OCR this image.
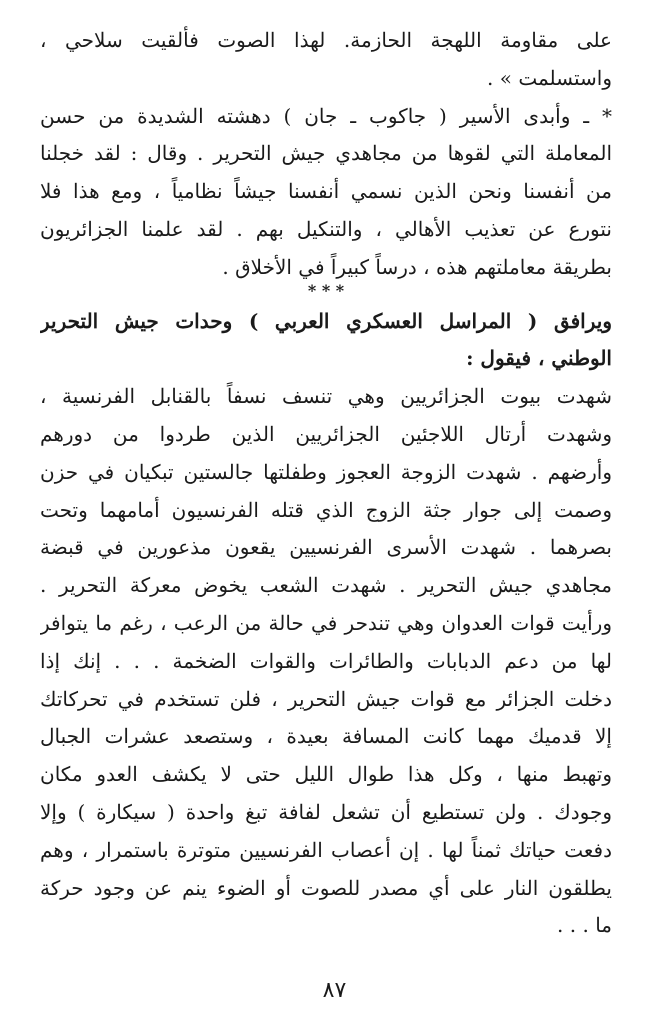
على مقاومة اللهجة الحازمة. لهذا الصوت فألقيت سلاحي ،
واستسلمت » .
* ـ وأبدى الأسير ( جاكوب ـ جان ) دهشته الشديدة من حسن
المعاملة التي لقوها من مجاهدي جيش التحرير . وقال : لقد خجلنا
من أنفسنا ونحن الذين نسمي أنفسنا جيشاً نظامياً ، ومع هذا فلا
نتورع عن تعذيب الأهالي ، والتنكيل بهم . لقد علمنا الجزائريون
بطريقة معاملتهم هذه ، درساً كبيراً في الأخلاق .
* * *
ويرافق ( المراسل العسكري العربي ) وحدات جيش التحرير
الوطني ، فيقول :
شهدت بيوت الجزائريين وهي تنسف نسفاً بالقنابل الفرنسية ،
وشهدت أرتال اللاجئين الجزائريين الذين طردوا من دورهم
وأرضهم . شهدت الزوجة العجوز وطفلتها جالستين تبكيان في حزن
وصمت إلى جوار جثة الزوج الذي قتله الفرنسيون أمامهما وتحت
بصرهما . شهدت الأسرى الفرنسيين يقعون مذعورين في قبضة
مجاهدي جيش التحرير . شهدت الشعب يخوض معركة التحرير .
ورأيت قوات العدوان وهي تندحر في حالة من الرعب ، رغم ما يتوافر
لها من دعم الدبابات والطائرات والقوات الضخمة . . . إنك إذا
دخلت الجزائر مع قوات جيش التحرير ، فلن تستخدم في تحركاتك
إلا قدميك مهما كانت المسافة بعيدة ، وستصعد عشرات الجبال
وتهبط منها ، وكل هذا طوال الليل حتى لا يكشف العدو مكان
وجودك . ولن تستطيع أن تشعل لفافة تبغ واحدة ( سيكارة ) وإلا
دفعت حياتك ثمناً لها . إن أعصاب الفرنسيين متوترة باستمرار ، وهم
يطلقون النار على أي مصدر للصوت أو الضوء ينم عن وجود حركة
ما . . .
٨٧
